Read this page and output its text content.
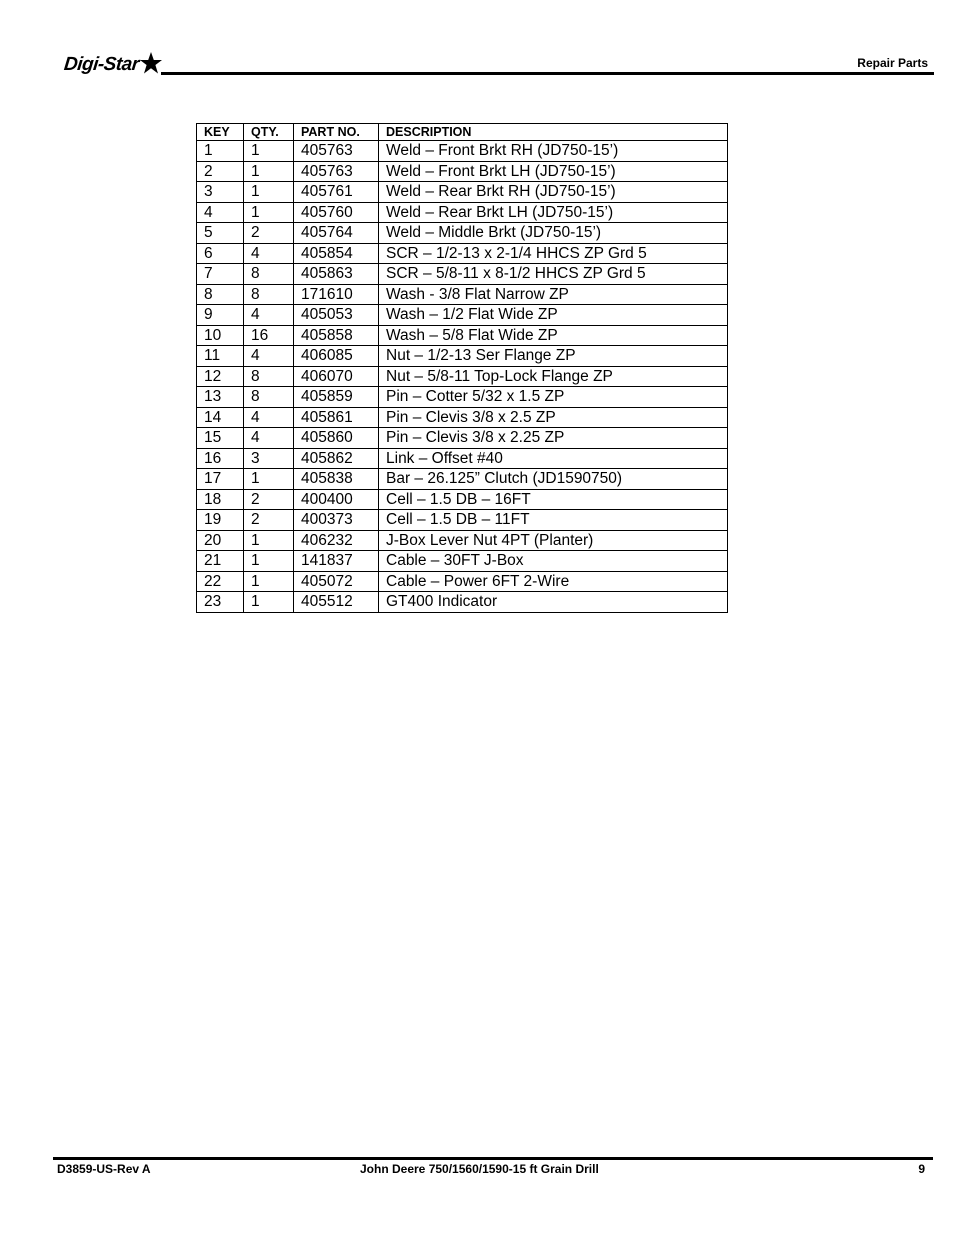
Digi-Star	Repair Parts
KEY	QTY.	PART NO.	DESCRIPTION
1	1	405763	Weld – Front Brkt RH (JD750-15’)
2	1	405763	Weld – Front Brkt LH (JD750-15’)
3	1	405761	Weld – Rear Brkt RH (JD750-15’)
4	1	405760	Weld – Rear Brkt LH (JD750-15’)
5	2	405764	Weld – Middle Brkt (JD750-15’)
6	4	405854	SCR – 1/2-13 x 2-1/4 HHCS ZP Grd 5
7	8	405863	SCR – 5/8-11 x 8-1/2 HHCS ZP Grd 5
8	8	171610	Wash - 3/8 Flat Narrow ZP
9	4	405053	Wash – 1/2 Flat Wide ZP
10	16	405858	Wash – 5/8 Flat Wide ZP
11	4	406085	Nut – 1/2-13 Ser Flange ZP
12	8	406070	Nut – 5/8-11 Top-Lock Flange ZP
13	8	405859	Pin – Cotter 5/32 x 1.5 ZP
14	4	405861	Pin – Clevis 3/8 x 2.5 ZP
15	4	405860	Pin – Clevis 3/8 x 2.25 ZP
16	3	405862	Link – Offset #40
17	1	405838	Bar – 26.125” Clutch (JD1590750)
18	2	400400	Cell – 1.5 DB – 16FT
19	2	400373	Cell – 1.5 DB – 11FT
20	1	406232	J-Box Lever Nut 4PT (Planter)
21	1	141837	Cable – 30FT J-Box
22	1	405072	Cable – Power 6FT 2-Wire
23	1	405512	GT400 Indicator
D3859-US-Rev A	John Deere 750/1560/1590-15 ft Grain Drill	9
